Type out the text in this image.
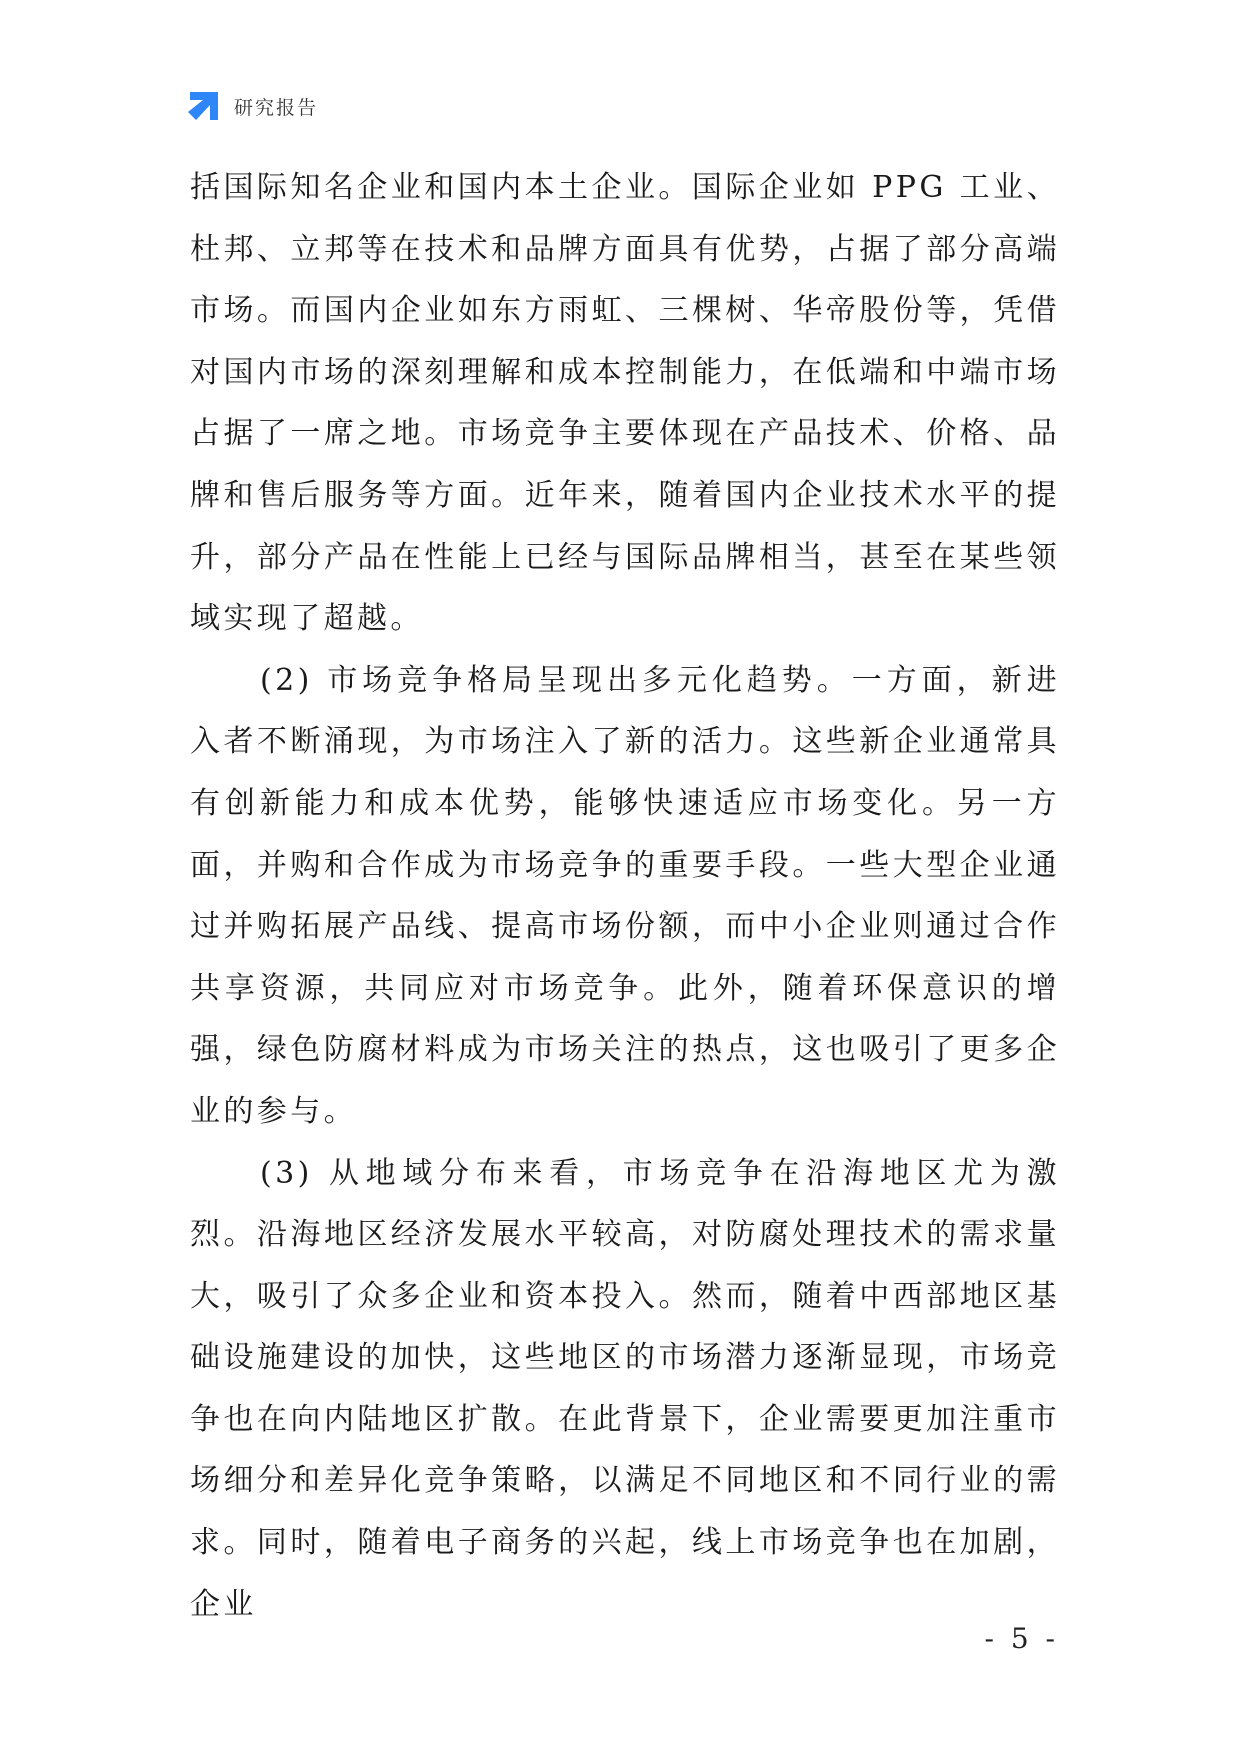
研究报告

括国际知名企业和国内本土企业。国际企业如 PPG 工业、杜邦、立邦等在技术和品牌方面具有优势，占据了部分高端市场。而国内企业如东方雨虹、三棵树、华帝股份等，凭借对国内市场的深刻理解和成本控制能力，在低端和中端市场占据了一席之地。市场竞争主要体现在产品技术、价格、品牌和售后服务等方面。近年来，随着国内企业技术水平的提升，部分产品在性能上已经与国际品牌相当，甚至在某些领域实现了超越。

(2) 市场竞争格局呈现出多元化趋势。一方面，新进入者不断涌现，为市场注入了新的活力。这些新企业通常具有创新能力和成本优势，能够快速适应市场变化。另一方面，并购和合作成为市场竞争的重要手段。一些大型企业通过并购拓展产品线、提高市场份额，而中小企业则通过合作共享资源，共同应对市场竞争。此外，随着环保意识的增强，绿色防腐材料成为市场关注的热点，这也吸引了更多企业的参与。

(3) 从地域分布来看，市场竞争在沿海地区尤为激烈。沿海地区经济发展水平较高，对防腐处理技术的需求量大，吸引了众多企业和资本投入。然而，随着中西部地区基础设施建设的加快，这些地区的市场潜力逐渐显现，市场竞争也在向内陆地区扩散。在此背景下，企业需要更加注重市场细分和差异化竞争策略，以满足不同地区和不同行业的需求。同时，随着电子商务的兴起，线上市场竞争也在加剧，企业

- 5 -
